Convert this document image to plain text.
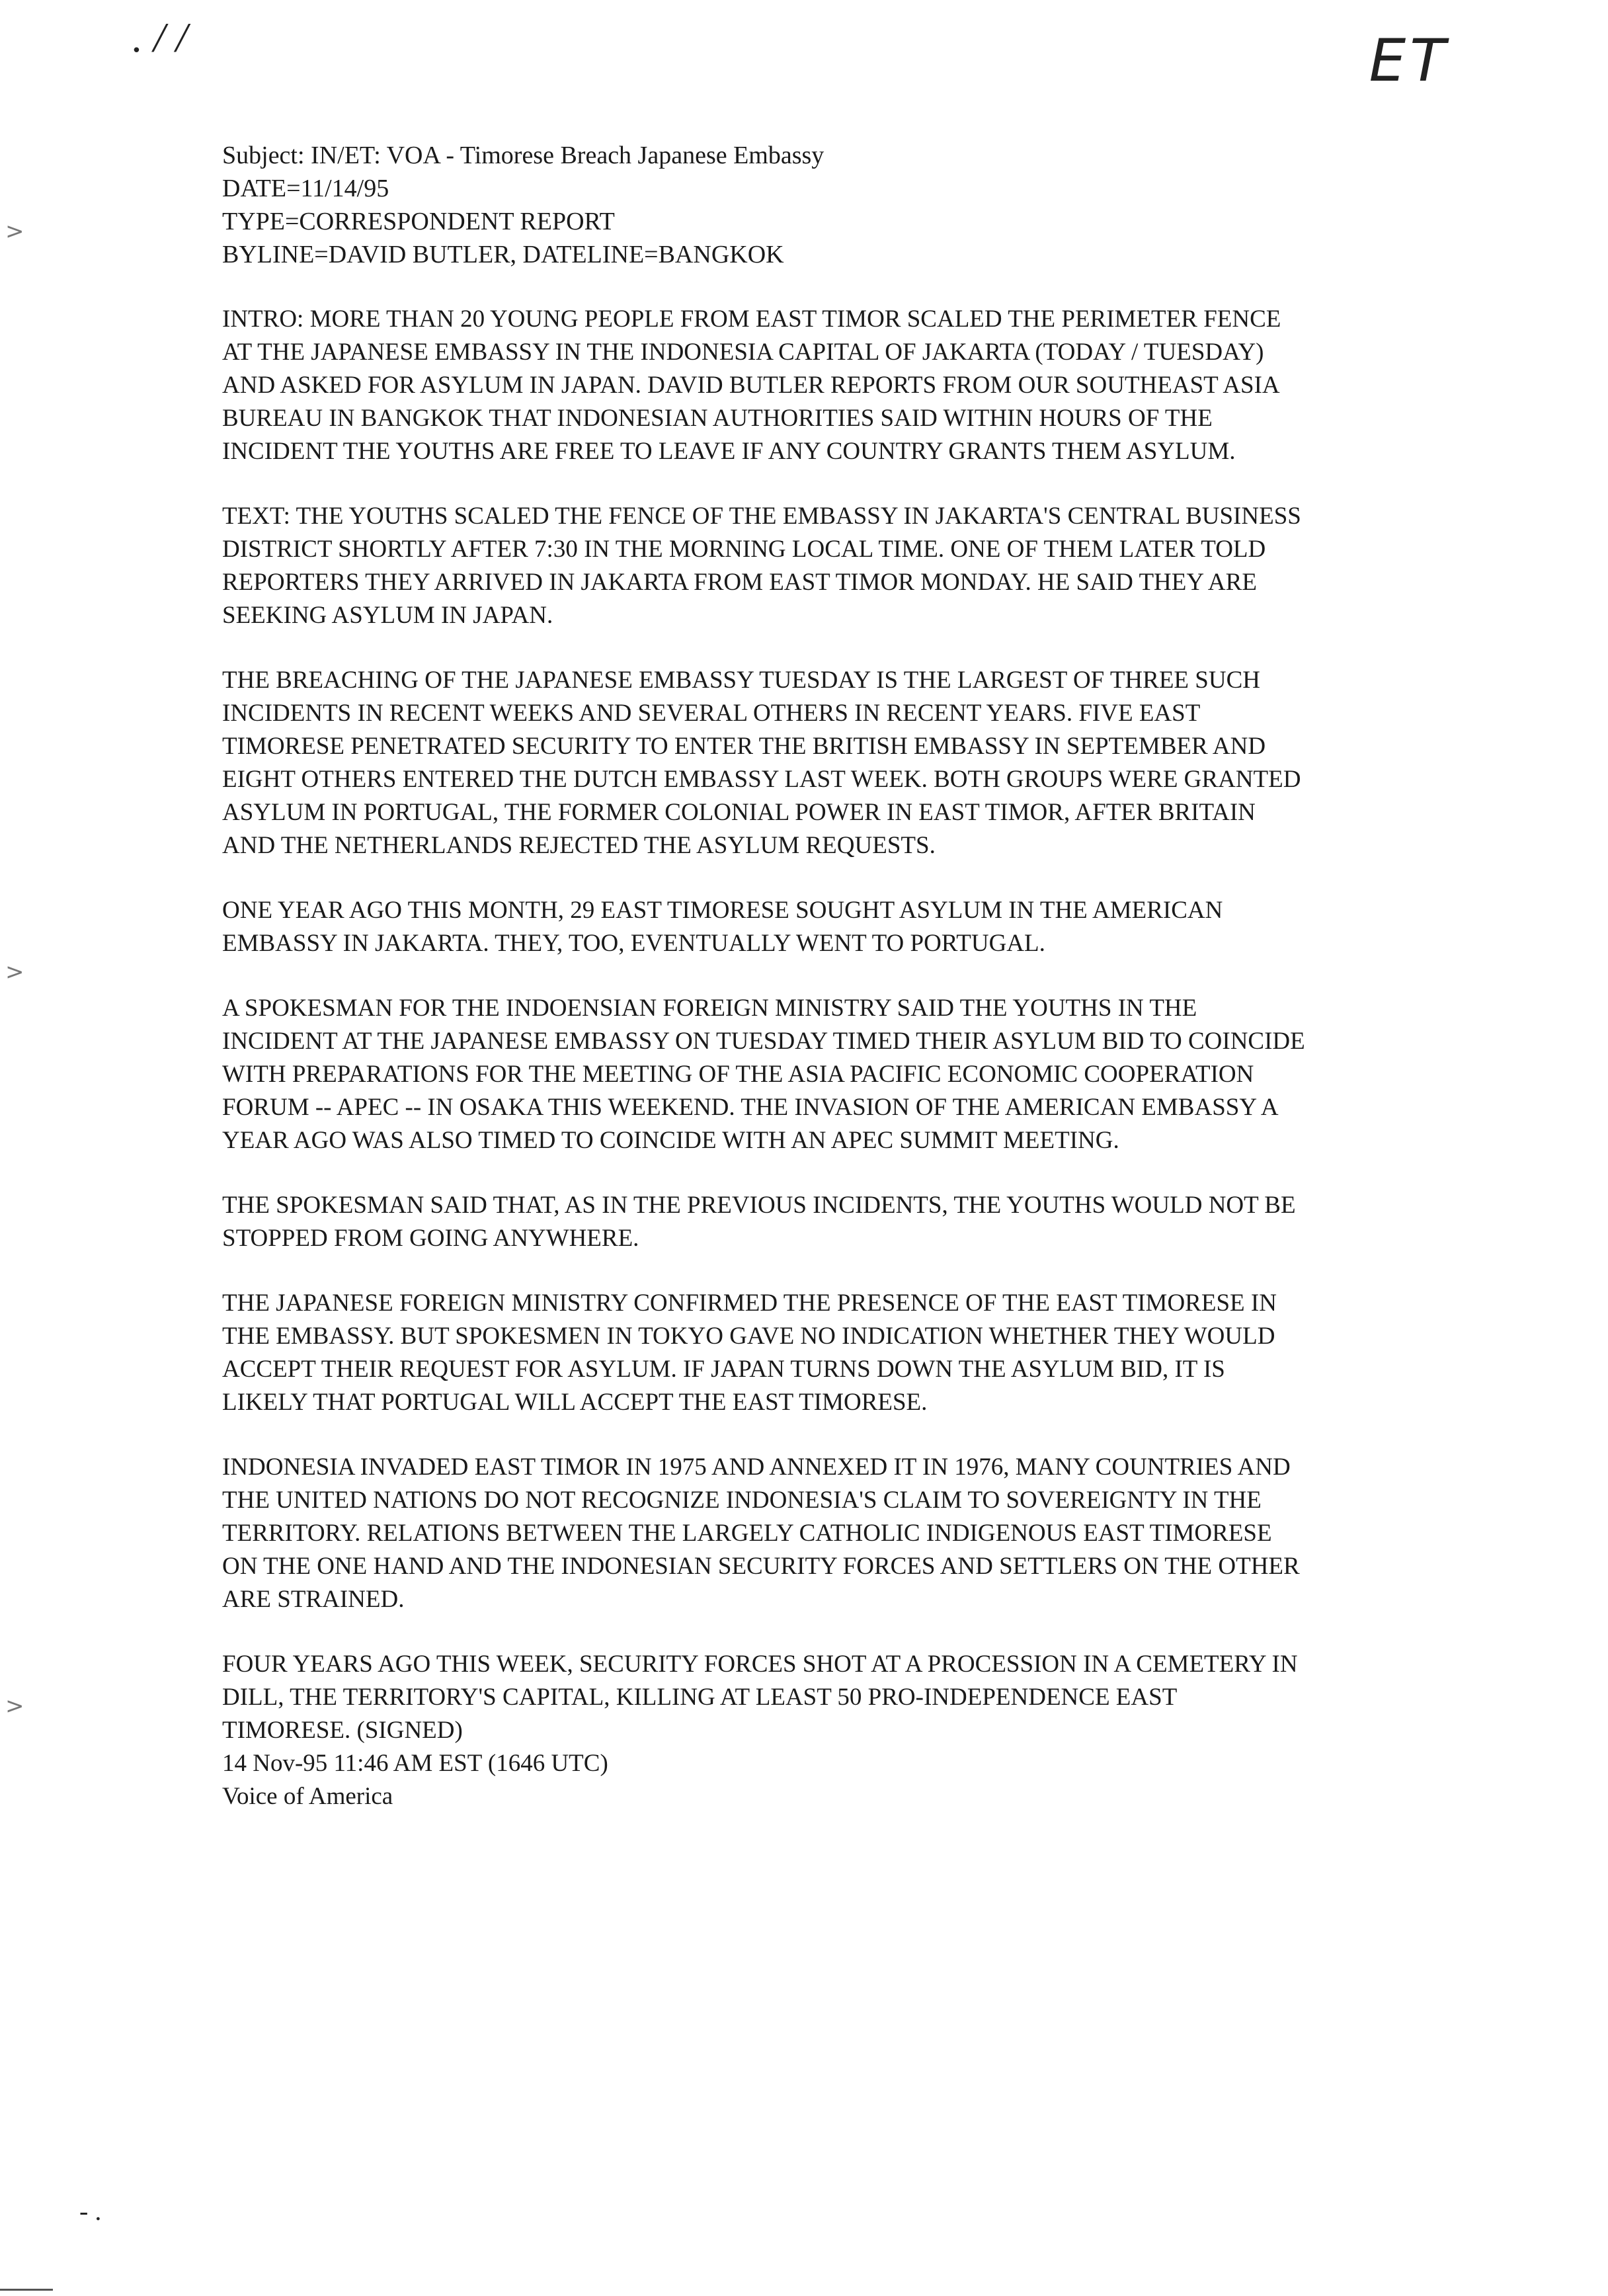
. / /	ET
>
>
>

Subject: IN/ET: VOA - Timorese Breach Japanese Embassy

DATE=11/14/95

TYPE=CORRESPONDENT REPORT

BYLINE=DAVID BUTLER, DATELINE=BANGKOK

INTRO: MORE THAN 20 YOUNG PEOPLE FROM EAST TIMOR SCALED THE PERIMETER FENCE AT THE JAPANESE EMBASSY IN THE INDONESIA CAPITAL OF JAKARTA (TODAY / TUESDAY) AND ASKED FOR ASYLUM IN JAPAN. DAVID BUTLER REPORTS FROM OUR SOUTHEAST ASIA BUREAU IN BANGKOK THAT INDONESIAN AUTHORITIES SAID WITHIN HOURS OF THE INCIDENT THE YOUTHS ARE FREE TO LEAVE IF ANY COUNTRY GRANTS THEM ASYLUM.

TEXT: THE YOUTHS SCALED THE FENCE OF THE EMBASSY IN JAKARTA'S CENTRAL BUSINESS DISTRICT SHORTLY AFTER 7:30 IN THE MORNING LOCAL TIME. ONE OF THEM LATER TOLD REPORTERS THEY ARRIVED IN JAKARTA FROM EAST TIMOR MONDAY. HE SAID THEY ARE SEEKING ASYLUM IN JAPAN.

THE BREACHING OF THE JAPANESE EMBASSY TUESDAY IS THE LARGEST OF THREE SUCH INCIDENTS IN RECENT WEEKS AND SEVERAL OTHERS IN RECENT YEARS. FIVE EAST TIMORESE PENETRATED SECURITY TO ENTER THE BRITISH EMBASSY IN SEPTEMBER AND EIGHT OTHERS ENTERED THE DUTCH EMBASSY LAST WEEK. BOTH GROUPS WERE GRANTED ASYLUM IN PORTUGAL, THE FORMER COLONIAL POWER IN EAST TIMOR, AFTER BRITAIN AND THE NETHERLANDS REJECTED THE ASYLUM REQUESTS.

ONE YEAR AGO THIS MONTH, 29 EAST TIMORESE SOUGHT ASYLUM IN THE AMERICAN EMBASSY IN JAKARTA. THEY, TOO, EVENTUALLY WENT TO PORTUGAL.

A SPOKESMAN FOR THE INDOENSIAN FOREIGN MINISTRY SAID THE YOUTHS IN THE INCIDENT AT THE JAPANESE EMBASSY ON TUESDAY TIMED THEIR ASYLUM BID TO COINCIDE WITH PREPARATIONS FOR THE MEETING OF THE ASIA PACIFIC ECONOMIC COOPERATION FORUM -- APEC -- IN OSAKA THIS WEEKEND. THE INVASION OF THE AMERICAN EMBASSY A YEAR AGO WAS ALSO TIMED TO COINCIDE WITH AN APEC SUMMIT MEETING.

THE SPOKESMAN SAID THAT, AS IN THE PREVIOUS INCIDENTS, THE YOUTHS WOULD NOT BE STOPPED FROM GOING ANYWHERE.

THE JAPANESE FOREIGN MINISTRY CONFIRMED THE PRESENCE OF THE EAST TIMORESE IN THE EMBASSY. BUT SPOKESMEN IN TOKYO GAVE NO INDICATION WHETHER THEY WOULD ACCEPT THEIR REQUEST FOR ASYLUM. IF JAPAN TURNS DOWN THE ASYLUM BID, IT IS LIKELY THAT PORTUGAL WILL ACCEPT THE EAST TIMORESE.

INDONESIA INVADED EAST TIMOR IN 1975 AND ANNEXED IT IN 1976, MANY COUNTRIES AND THE UNITED NATIONS DO NOT RECOGNIZE INDONESIA'S CLAIM TO SOVEREIGNTY IN THE TERRITORY. RELATIONS BETWEEN THE LARGELY CATHOLIC INDIGENOUS EAST TIMORESE ON THE ONE HAND AND THE INDONESIAN SECURITY FORCES AND SETTLERS ON THE OTHER ARE STRAINED.

FOUR YEARS AGO THIS WEEK, SECURITY FORCES SHOT AT A PROCESSION IN A CEMETERY IN DILL, THE TERRITORY'S CAPITAL, KILLING AT LEAST 50 PRO-INDEPENDENCE EAST TIMORESE. (SIGNED)

14 Nov-95 11:46 AM EST (1646 UTC)

Voice of America

- .
